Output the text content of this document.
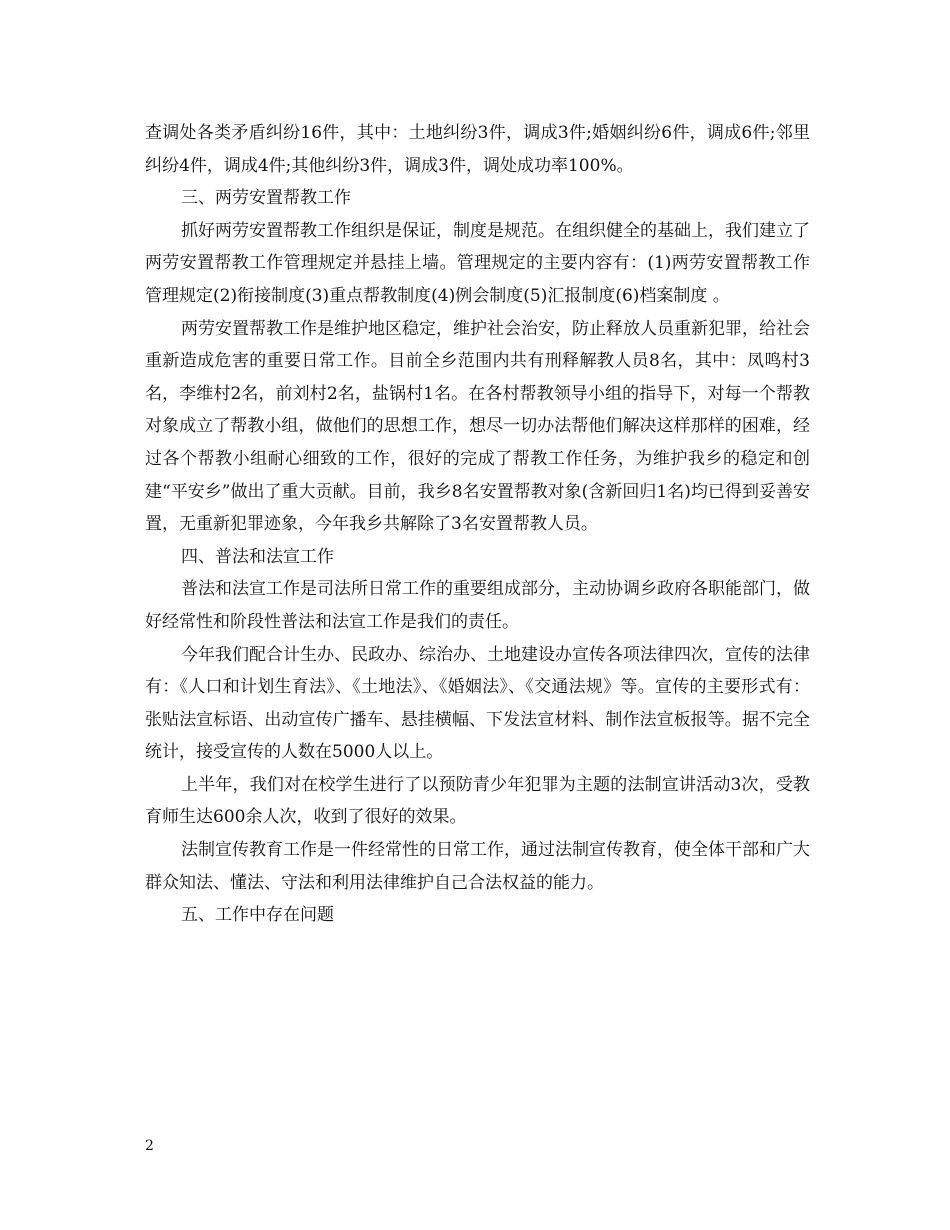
查调处各类矛盾纠纷16件，其中：土地纠纷3件，调成3件;婚姻纠纷6件，调成6件;邻里纠纷4件，调成4件;其他纠纷3件，调成3件，调处成功率100%。

三、两劳安置帮教工作

抓好两劳安置帮教工作组织是保证，制度是规范。在组织健全的基础上，我们建立了两劳安置帮教工作管理规定并悬挂上墙。管理规定的主要内容有：(1)两劳安置帮教工作管理规定(2)衔接制度(3)重点帮教制度(4)例会制度(5)汇报制度(6)档案制度 。

两劳安置帮教工作是维护地区稳定，维护社会治安，防止释放人员重新犯罪，给社会重新造成危害的重要日常工作。目前全乡范围内共有刑释解教人员8名，其中：凤鸣村3名，李维村2名，前刘村2名，盐锅村1名。在各村帮教领导小组的指导下，对每一个帮教对象成立了帮教小组，做他们的思想工作，想尽一切办法帮他们解决这样那样的困难，经过各个帮教小组耐心细致的工作，很好的完成了帮教工作任务，为维护我乡的稳定和创建“平安乡”做出了重大贡献。目前，我乡8名安置帮教对象(含新回归1名)均已得到妥善安置，无重新犯罪迹象，今年我乡共解除了3名安置帮教人员。

四、普法和法宣工作

普法和法宣工作是司法所日常工作的重要组成部分，主动协调乡政府各职能部门，做好经常性和阶段性普法和法宣工作是我们的责任。

今年我们配合计生办、民政办、综治办、土地建设办宣传各项法律四次，宣传的法律有：《人口和计划生育法》、《土地法》、《婚姻法》、《交通法规》等。宣传的主要形式有：张贴法宣标语、出动宣传广播车、悬挂横幅、下发法宣材料、制作法宣板报等。据不完全统计，接受宣传的人数在5000人以上。

上半年，我们对在校学生进行了以预防青少年犯罪为主题的法制宣讲活动3次，受教育师生达600余人次，收到了很好的效果。

法制宣传教育工作是一件经常性的日常工作，通过法制宣传教育，使全体干部和广大群众知法、懂法、守法和利用法律维护自己合法权益的能力。

五、工作中存在问题

2
